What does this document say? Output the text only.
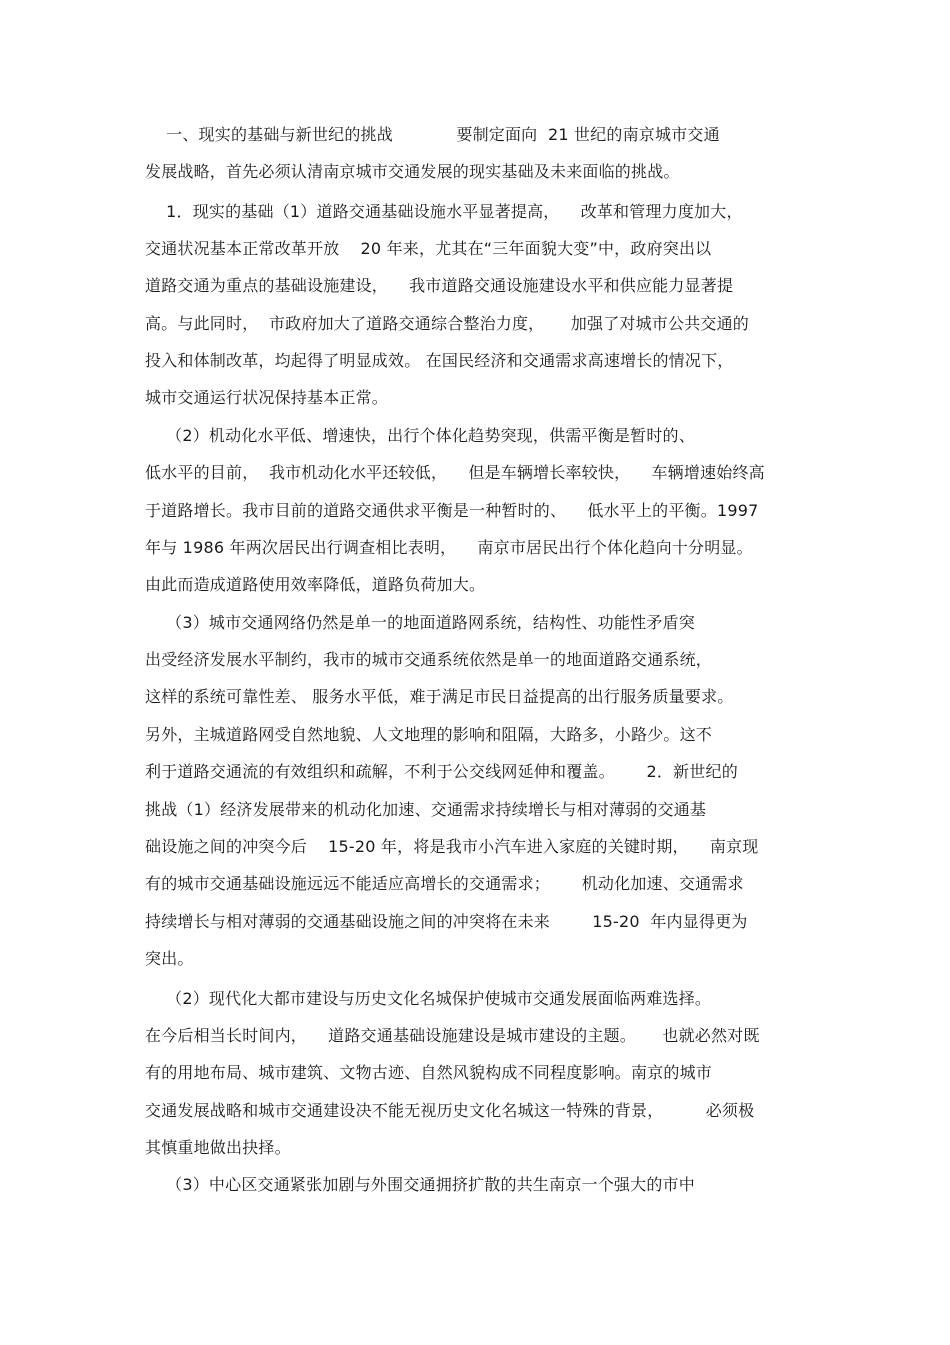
一、现实的基础与新世纪的挑战            要制定面向  21 世纪的南京城市交通
发展战略，首先必须认清南京城市交通发展的现实基础及未来面临的挑战。
1．现实的基础（1）道路交通基础设施水平显著提高，    改革和管理力度加大，
交通状况基本正常改革开放    20 年来，尤其在“三年面貌大变”中，政府突出以
道路交通为重点的基础设施建设，    我市道路交通设施建设水平和供应能力显著提
高。与此同时，  市政府加大了道路交通综合整治力度，     加强了对城市公共交通的
投入和体制改革，均起得了明显成效。 在国民经济和交通需求高速增长的情况下，
城市交通运行状况保持基本正常。
（2）机动化水平低、增速快，出行个体化趋势突现，供需平衡是暂时的、
低水平的目前，  我市机动化水平还较低，    但是车辆增长率较快，    车辆增速始终高
于道路增长。我市目前的道路交通供求平衡是一种暂时的、    低水平上的平衡。1997
年与 1986 年两次居民出行调查相比表明，    南京市居民出行个体化趋向十分明显。
由此而造成道路使用效率降低，道路负荷加大。
（3）城市交通网络仍然是单一的地面道路网系统，结构性、功能性矛盾突
出受经济发展水平制约，我市的城市交通系统依然是单一的地面道路交通系统，
这样的系统可靠性差、 服务水平低，难于满足市民日益提高的出行服务质量要求。
另外，主城道路网受自然地貌、人文地理的影响和阻隔，大路多，小路少。这不
利于道路交通流的有效组织和疏解，不利于公交线网延伸和覆盖。      2．新世纪的
挑战（1）经济发展带来的机动化加速、交通需求持续增长与相对薄弱的交通基
础设施之间的冲突今后    15-20 年，将是我市小汽车进入家庭的关键时期，    南京现
有的城市交通基础设施远远不能适应高增长的交通需求；      机动化加速、交通需求
持续增长与相对薄弱的交通基础设施之间的冲突将在未来        15-20  年内显得更为
突出。
（2）现代化大都市建设与历史文化名城保护使城市交通发展面临两难选择。
在今后相当长时间内，    道路交通基础设施建设是城市建设的主题。     也就必然对既
有的用地布局、城市建筑、文物古迹、自然风貌构成不同程度影响。南京的城市
交通发展战略和城市交通建设决不能无视历史文化名城这一特殊的背景，        必须极
其慎重地做出抉择。
（3）中心区交通紧张加剧与外围交通拥挤扩散的共生南京一个强大的市中
